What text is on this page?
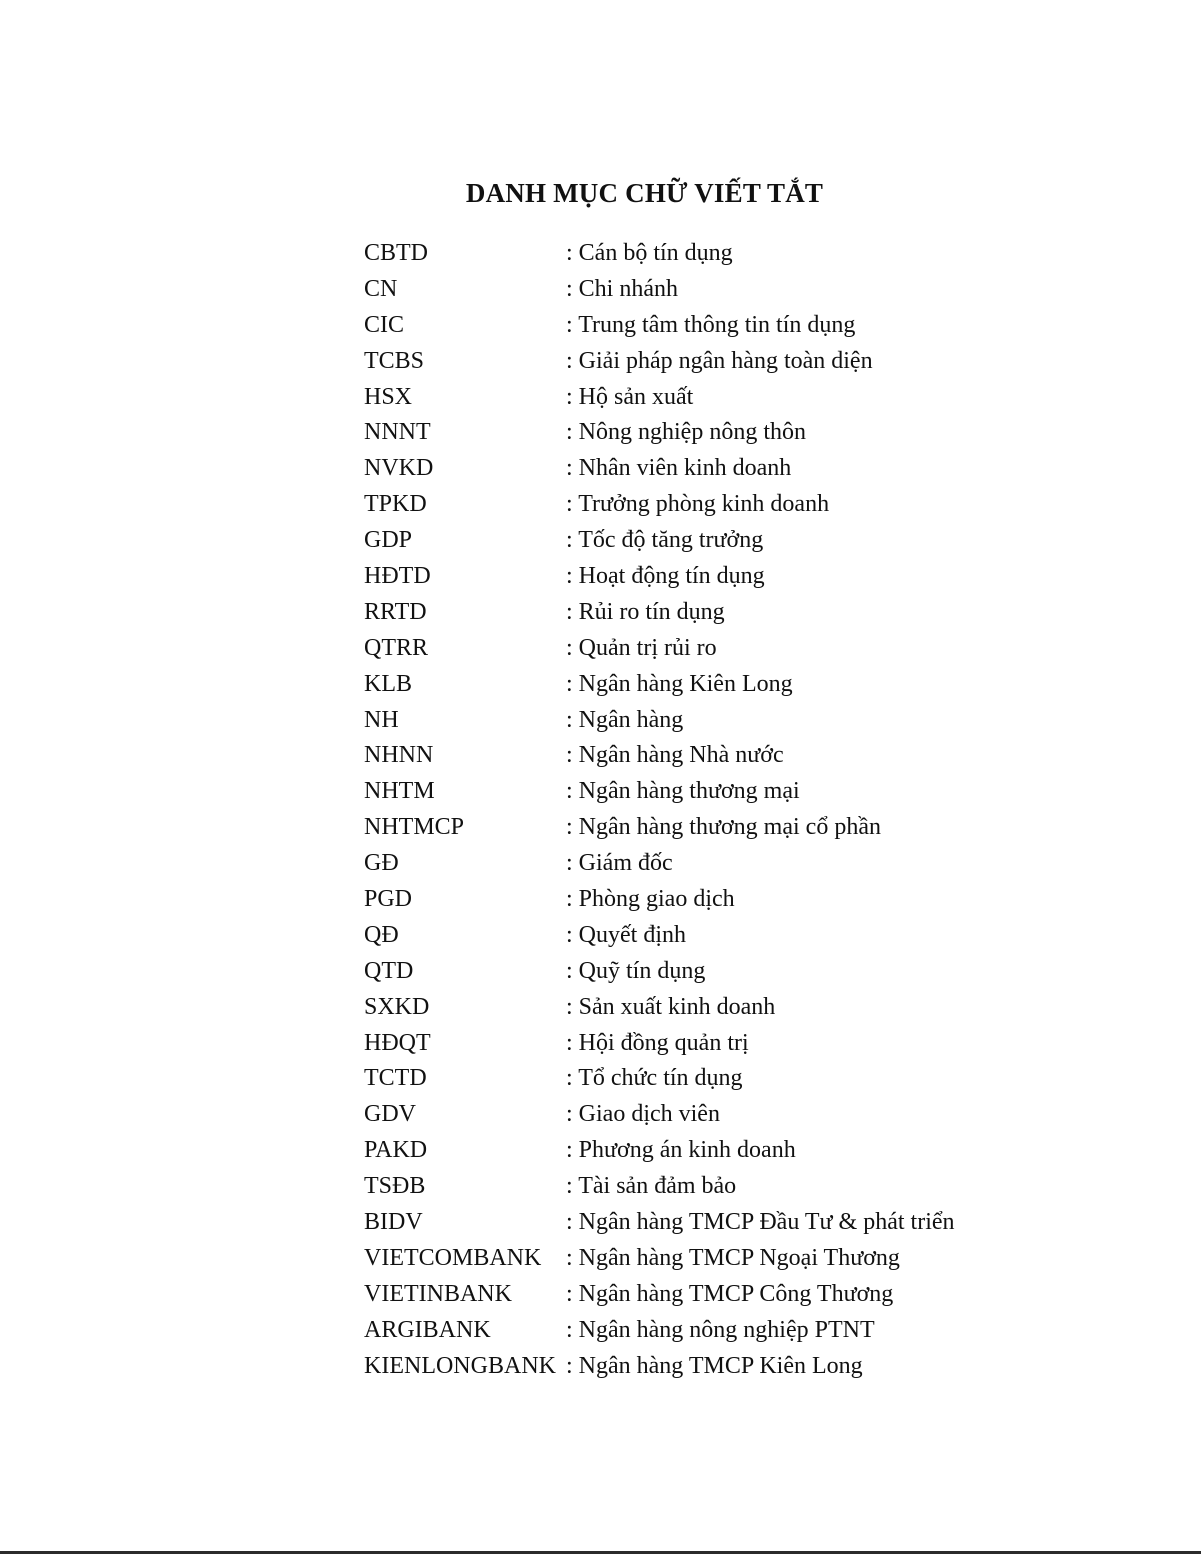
DANH MỤC CHỮ VIẾT TẮT
CBTD	: Cán bộ tín dụng
CN	: Chi nhánh
CIC	: Trung tâm thông tin tín dụng
TCBS	: Giải pháp ngân hàng toàn diện
HSX	: Hộ sản xuất
NNNT	: Nông nghiệp nông thôn
NVKD	: Nhân viên kinh doanh
TPKD	: Trưởng phòng kinh doanh
GDP	: Tốc độ tăng trưởng
HĐTD	: Hoạt động tín dụng
RRTD	: Rủi ro tín dụng
QTRR	: Quản trị rủi ro
KLB	: Ngân hàng Kiên Long
NH	: Ngân hàng
NHNN	: Ngân hàng Nhà nước
NHTM	: Ngân hàng thương mại
NHTMCP	: Ngân hàng thương mại cổ phần
GĐ	: Giám đốc
PGD	: Phòng giao dịch
QĐ	: Quyết định
QTD	: Quỹ tín dụng
SXKD	: Sản xuất kinh doanh
HĐQT	: Hội đồng quản trị
TCTD	: Tổ chức tín dụng
GDV	: Giao dịch viên
PAKD	: Phương án kinh doanh
TSĐB	: Tài sản đảm bảo
BIDV	: Ngân hàng TMCP Đầu Tư & phát triển
VIETCOMBANK	: Ngân hàng TMCP Ngoại Thương
VIETINBANK	: Ngân hàng TMCP Công Thương
ARGIBANK	: Ngân hàng nông nghiệp PTNT
KIENLONGBANK : Ngân hàng TMCP Kiên Long
